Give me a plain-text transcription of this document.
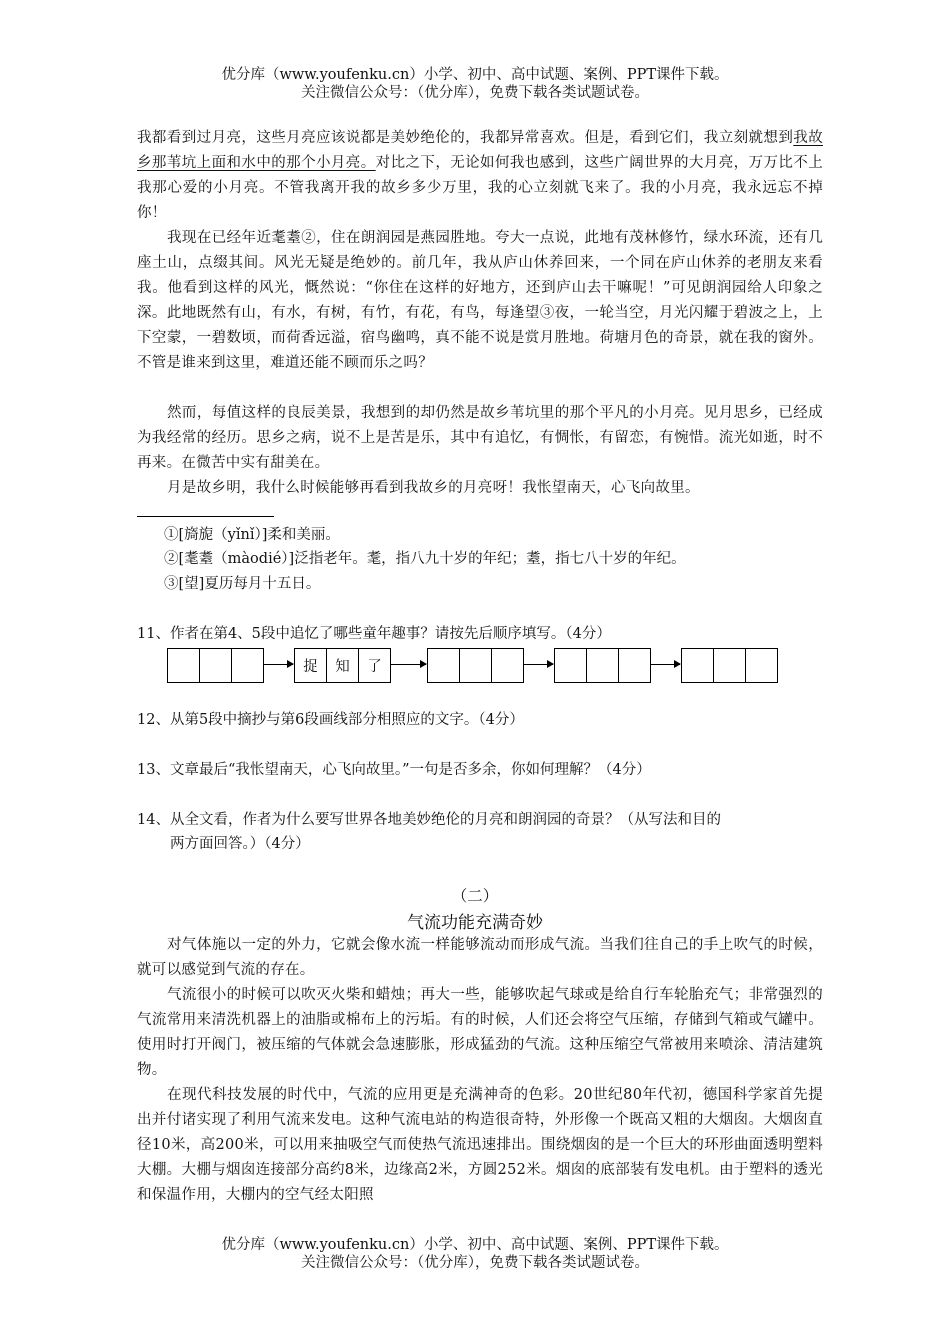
优分库（www.youfenku.cn）小学、初中、高中试题、案例、PPT课件下载。
关注微信公众号：（优分库），免费下载各类试题试卷。
我都看到过月亮，这些月亮应该说都是美妙绝伦的，我都异常喜欢。但是，看到它们，我立刻就想到我故乡那苇坑上面和水中的那个小月亮。对比之下，无论如何我也感到，这些广阔世界的大月亮，万万比不上我那心爱的小月亮。不管我离开我的故乡多少万里，我的心立刻就飞来了。我的小月亮，我永远忘不掉你！
我现在已经年近耄耋②，住在朗润园是燕园胜地。夸大一点说，此地有茂林修竹，绿水环流，还有几座土山，点缀其间。风光无疑是绝妙的。前几年，我从庐山休养回来，一个同在庐山休养的老朋友来看我。他看到这样的风光，慨然说：“你住在这样的好地方，还到庐山去干嘛呢！”可见朗润园给人印象之深。此地既然有山，有水，有树，有竹，有花，有鸟，每逢望③夜，一轮当空，月光闪耀于碧波之上，上下空蒙，一碧数顷，而荷香远溢，宿鸟幽鸣，真不能不说是赏月胜地。荷塘月色的奇景，就在我的窗外。不管是谁来到这里，难道还能不顾而乐之吗？
然而，每值这样的良辰美景，我想到的却仍然是故乡苇坑里的那个平凡的小月亮。见月思乡，已经成为我经常的经历。思乡之病，说不上是苦是乐，其中有追忆，有惆怅，有留恋，有惋惜。流光如逝，时不再来。在微苦中实有甜美在。
月是故乡明，我什么时候能够再看到我故乡的月亮呀！我怅望南天，心飞向故里。
①[旖旎（yǐnǐ）]柔和美丽。
②[耄耋（màodié）]泛指老年。耄，指八九十岁的年纪；耋，指七八十岁的年纪。
③[望]夏历每月十五日。
11、作者在第4、5段中追忆了哪些童年趣事？请按先后顺序填写。（4分）
捉	知	了
12、从第5段中摘抄与第6段画线部分相照应的文字。（4分）
13、文章最后“我怅望南天，心飞向故里。”一句是否多余，你如何理解？（4分）
14、从全文看，作者为什么要写世界各地美妙绝伦的月亮和朗润园的奇景？（从写法和目的
两方面回答。）（4分）
（二）
气流功能充满奇妙
对气体施以一定的外力，它就会像水流一样能够流动而形成气流。当我们往自己的手上吹气的时候，就可以感觉到气流的存在。
气流很小的时候可以吹灭火柴和蜡烛；再大一些，能够吹起气球或是给自行车轮胎充气；非常强烈的气流常用来清洗机器上的油脂或棉布上的污垢。有的时候，人们还会将空气压缩，存储到气箱或气罐中。使用时打开阀门，被压缩的气体就会急速膨胀，形成猛劲的气流。这种压缩空气常被用来喷涂、清洁建筑物。
在现代科技发展的时代中，气流的应用更是充满神奇的色彩。20世纪80年代初，德国科学家首先提出并付诸实现了利用气流来发电。这种气流电站的构造很奇特，外形像一个既高又粗的大烟囱。大烟囱直径10米，高200米，可以用来抽吸空气而使热气流迅速排出。围绕烟囱的是一个巨大的环形曲面透明塑料大棚。大棚与烟囱连接部分高约8米，边缘高2米，方圆252米。烟囱的底部装有发电机。由于塑料的透光和保温作用，大棚内的空气经太阳照
优分库（www.youfenku.cn）小学、初中、高中试题、案例、PPT课件下载。
关注微信公众号：（优分库），免费下载各类试题试卷。
